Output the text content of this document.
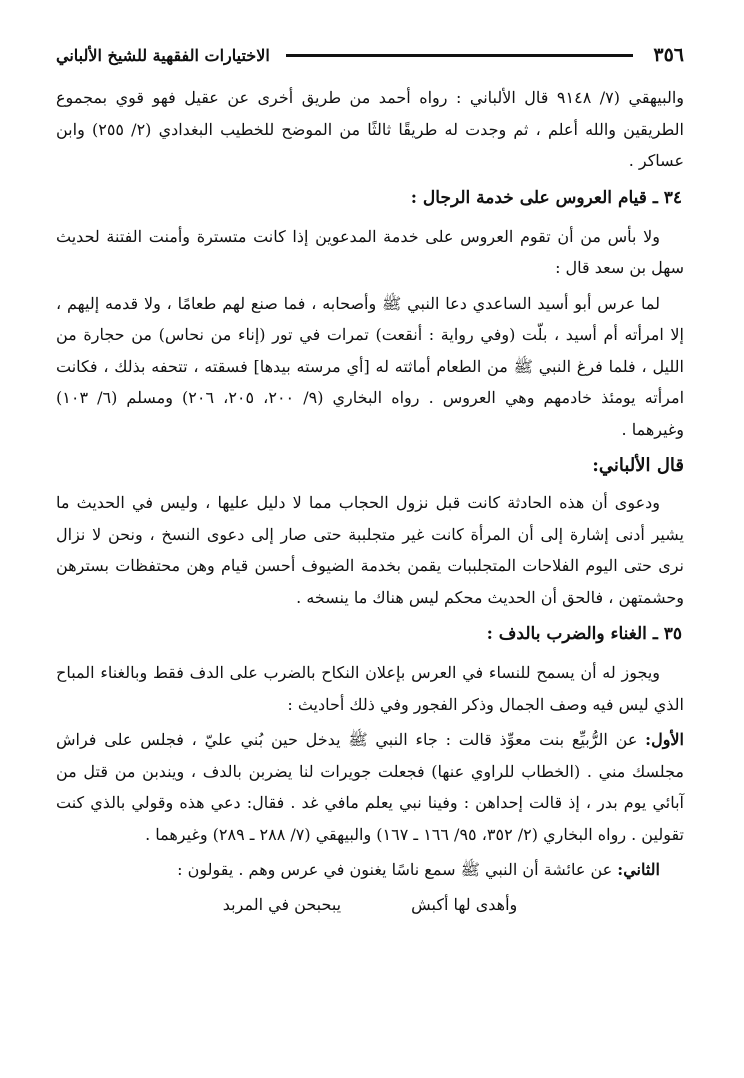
٣٥٦
الاختيارات الفقهية للشيخ الألباني

والبيهقي (٧/ ٩١٤٨ قال الألباني : رواه أحمد من طريق أخرى عن عقيل فهو قوي بمجموع الطريقين والله أعلم ، ثم وجدت له طريقًا ثالثًا من الموضح للخطيب البغدادي (٢/ ٢٥٥) وابن عساكر .

٣٤ ـ قيام العروس على خدمة الرجال :

ولا بأس من أن تقوم العروس على خدمة المدعوين إذا كانت متسترة وأمنت الفتنة لحديث سهل بن سعد قال :

لما عرس أبو أسيد الساعدي دعا النبي ﷺ وأصحابه ، فما صنع لهم طعامًا ، ولا قدمه إليهم ، إلا امرأته أم أسيد ، بلّت (وفي رواية : أنقعت) تمرات في تور (إناء من نحاس) من حجارة من الليل ، فلما فرغ النبي ﷺ من الطعام أماثته له [أي مرسته بيدها] فسقته ، تتحفه بذلك ، فكانت امرأته يومئذ خادمهم وهي العروس . رواه البخاري (٩/ ٢٠٠، ٢٠٥، ٢٠٦) ومسلم (٦/ ١٠٣) وغيرهما .

قال الألباني:

ودعوى أن هذه الحادثة كانت قبل نزول الحجاب مما لا دليل عليها ، وليس في الحديث ما يشير أدنى إشارة إلى أن المرأة كانت غير متجلببة حتى صار إلى دعوى النسخ ، ونحن لا نزال نرى حتى اليوم الفلاحات المتجلببات يقمن بخدمة الضيوف أحسن قيام وهن محتفظات بسترهن وحشمتهن ، فالحق أن الحديث محكم ليس هناك ما ينسخه .

٣٥ ـ الغناء والضرب بالدف :

ويجوز له أن يسمح للنساء في العرس بإعلان النكاح بالضرب على الدف فقط وبالغناء المباح الذي ليس فيه وصف الجمال وذكر الفجور وفي ذلك أحاديث :

الأول: عن الرُّبيِّع بنت معوِّذ قالت : جاء النبي ﷺ يدخل حين بُني عليّ ، فجلس على فراش مجلسك مني . (الخطاب للراوي عنها) فجعلت جويرات لنا يضربن بالدف ، ويندبن من قتل من آبائي يوم بدر ، إذ قالت إحداهن : وفينا نبي يعلم مافي غد . فقال: دعي هذه وقولي بالذي كنت تقولين . رواه البخاري (٢/ ٣٥٢، ٩٥/ ١٦٦ ـ ١٦٧) والبيهقي (٧/ ٢٨٨ ـ ٢٨٩) وغيرهما .

الثاني: عن عائشة أن النبي ﷺ سمع ناسًا يغنون في عرس وهم . يقولون :

وأهدى لها أكبش
يبحبحن في المربد
